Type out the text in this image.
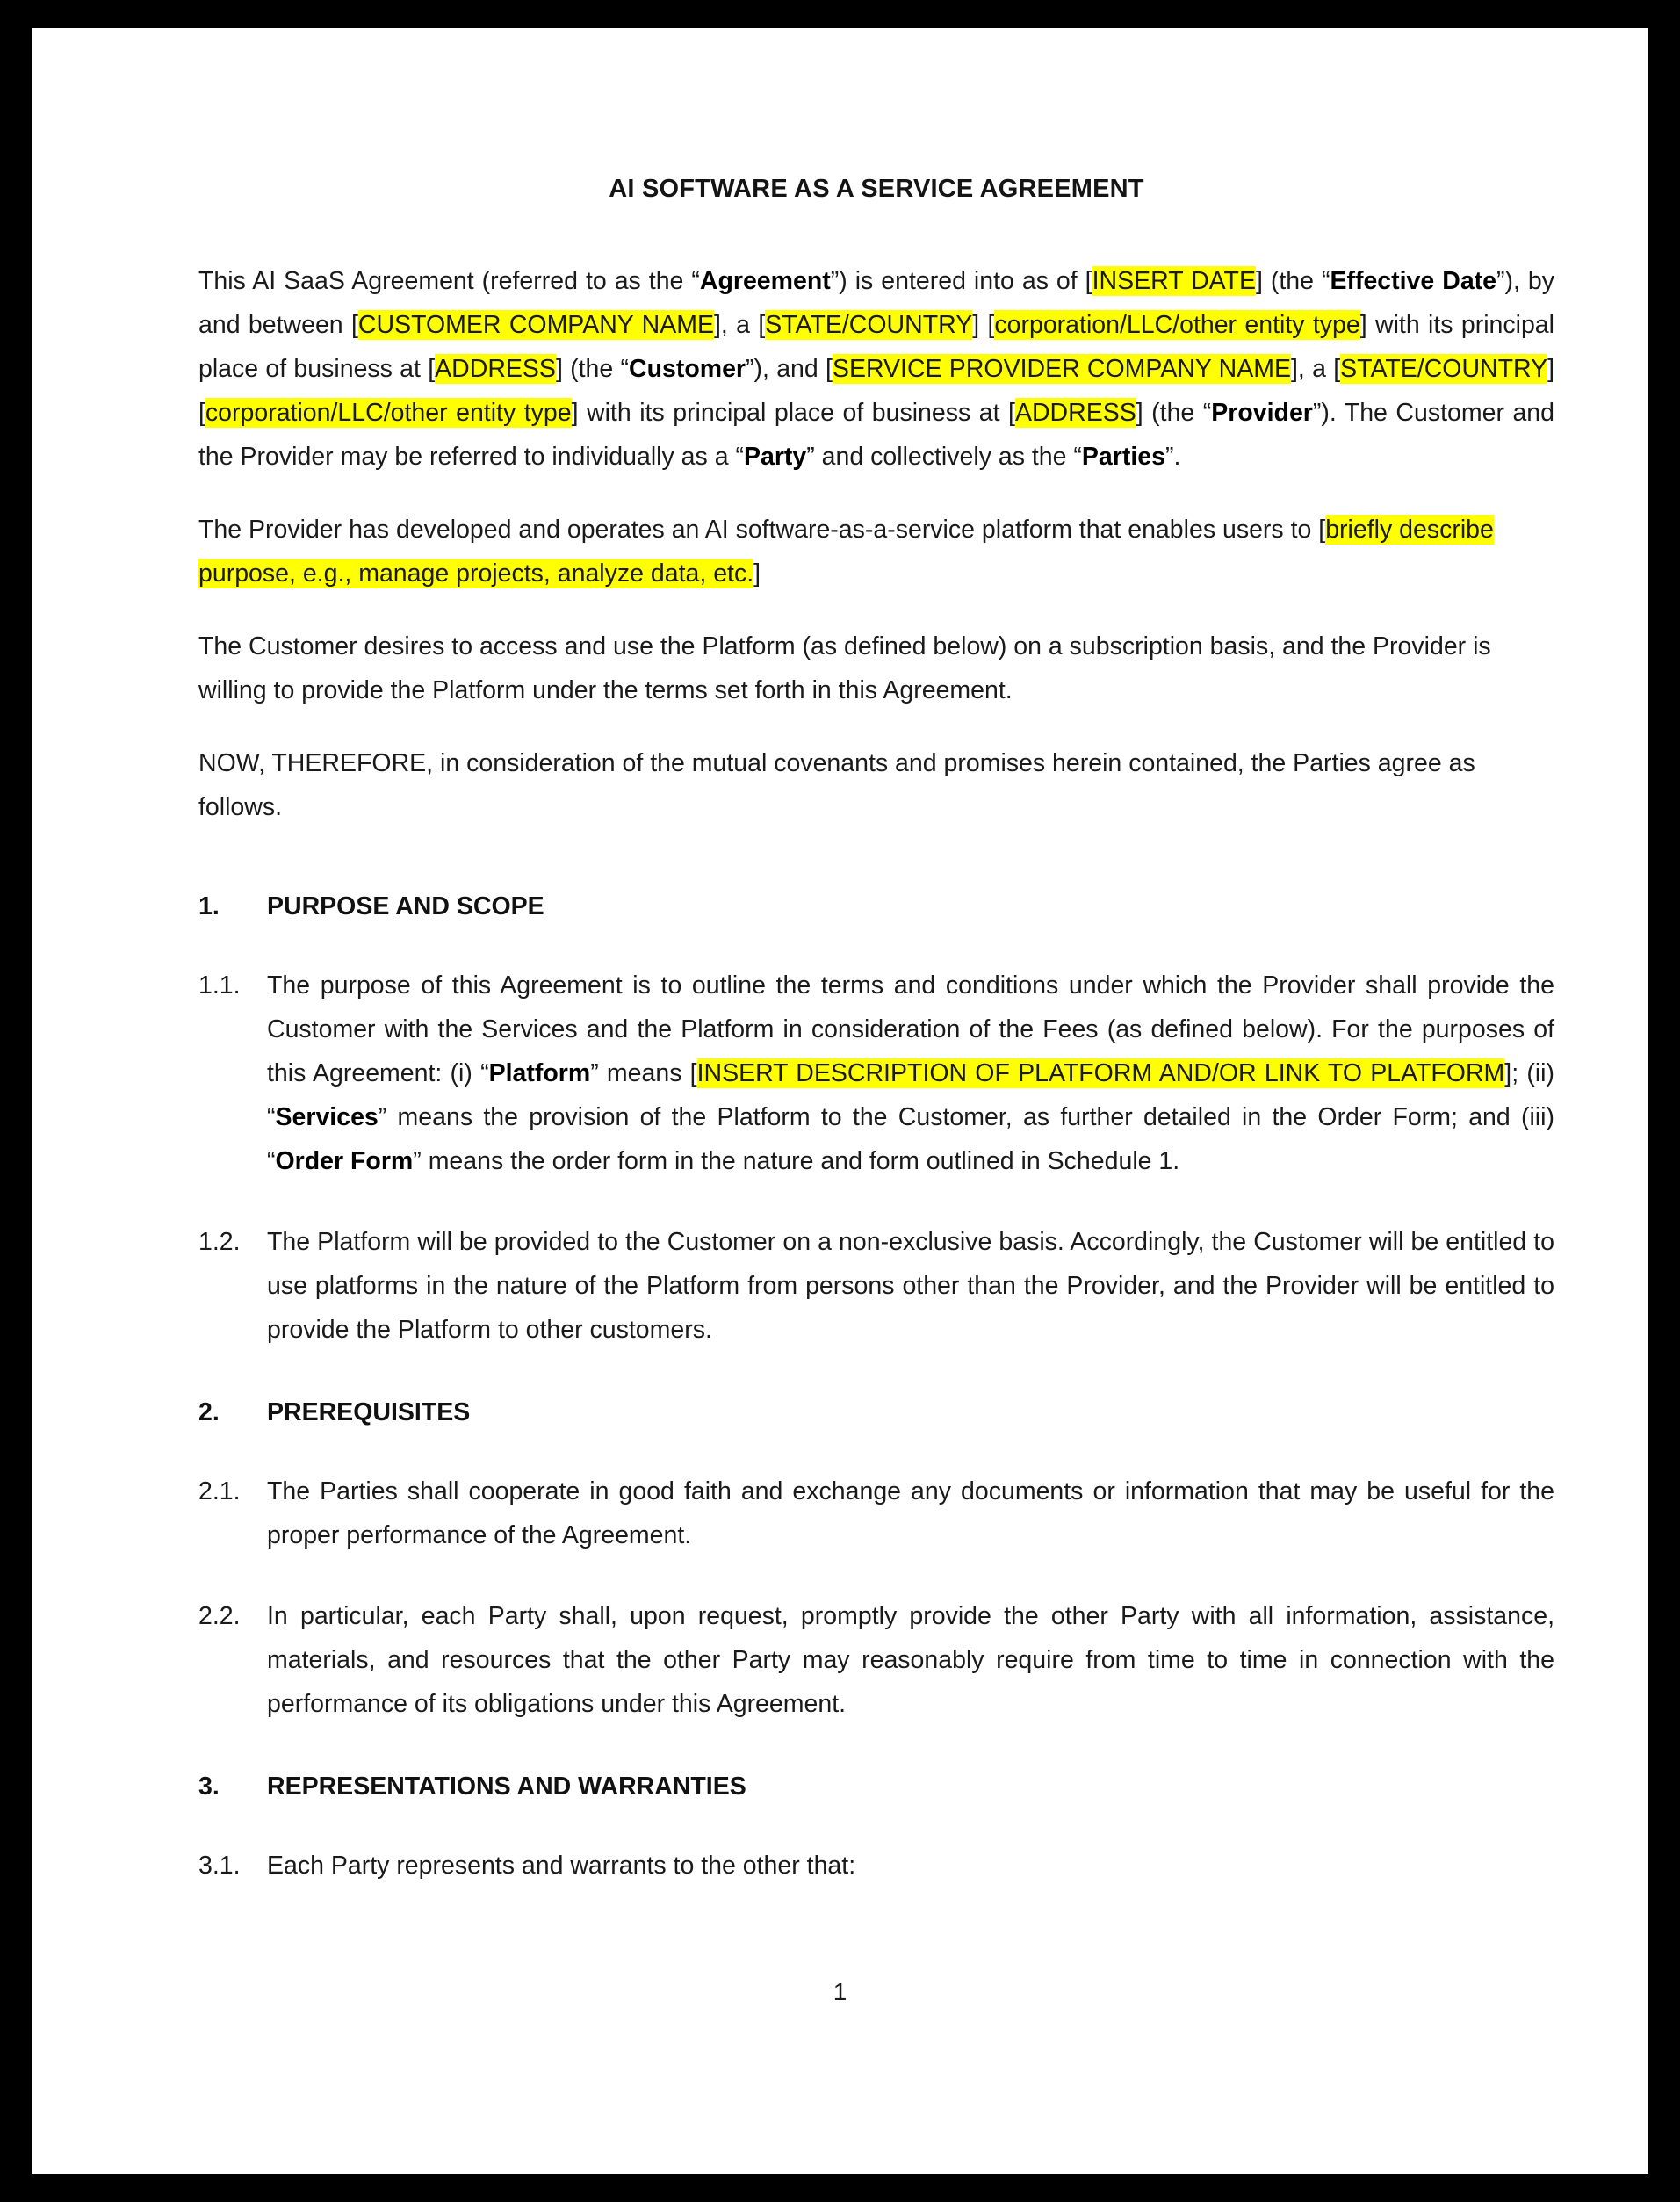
AI SOFTWARE AS A SERVICE AGREEMENT

This AI SaaS Agreement (referred to as the “Agreement”) is entered into as of [INSERT DATE] (the “Effective Date”), by and between [CUSTOMER COMPANY NAME], a [STATE/COUNTRY] [corporation/LLC/other entity type] with its principal place of business at [ADDRESS] (the “Customer”), and [SERVICE PROVIDER COMPANY NAME], a [STATE/COUNTRY] [corporation/LLC/other entity type] with its principal place of business at [ADDRESS] (the “Provider”). The Customer and the Provider may be referred to individually as a “Party” and collectively as the “Parties”.

The Provider has developed and operates an AI software-as-a-service platform that enables users to [briefly describe purpose, e.g., manage projects, analyze data, etc.]

The Customer desires to access and use the Platform (as defined below) on a subscription basis, and the Provider is willing to provide the Platform under the terms set forth in this Agreement.

NOW, THEREFORE, in consideration of the mutual covenants and promises herein contained, the Parties agree as follows.

1.	PURPOSE AND SCOPE
1.1.	The purpose of this Agreement is to outline the terms and conditions under which the Provider shall provide the Customer with the Services and the Platform in consideration of the Fees (as defined below). For the purposes of this Agreement: (i) “Platform” means [INSERT DESCRIPTION OF PLATFORM AND/OR LINK TO PLATFORM]; (ii) “Services” means the provision of the Platform to the Customer, as further detailed in the Order Form; and (iii) “Order Form” means the order form in the nature and form outlined in Schedule 1.
1.2.	The Platform will be provided to the Customer on a non-exclusive basis. Accordingly, the Customer will be entitled to use platforms in the nature of the Platform from persons other than the Provider, and the Provider will be entitled to provide the Platform to other customers.
2.	PREREQUISITES
2.1.	The Parties shall cooperate in good faith and exchange any documents or information that may be useful for the proper performance of the Agreement.
2.2.	In particular, each Party shall, upon request, promptly provide the other Party with all information, assistance, materials, and resources that the other Party may reasonably require from time to time in connection with the performance of its obligations under this Agreement.
3.	REPRESENTATIONS AND WARRANTIES
3.1.	Each Party represents and warrants to the other that:
1
